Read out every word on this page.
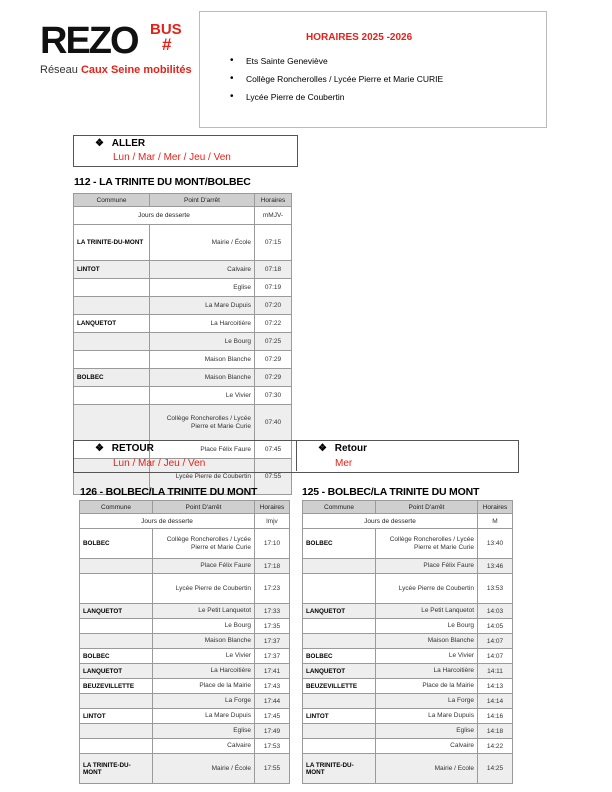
REZO BUS
#
Réseau Caux Seine mobilités
HORAIRES 2025 -2026
• Ets Sainte Geneviève
• Collège Roncherolles / Lycée Pierre et Marie CURIE
• Lycée Pierre de Coubertin
❖ ALLER
Lun / Mar / Mer / Jeu / Ven
112 - LA TRINITE DU MONT/BOLBEC
Commune	Point D'arrêt	Horaires
Jours de desserte		mMJV-
LA TRINITE-DU-MONT	Mairie / École	07:15
LINTOT	Calvaire	07:18
	Eglise	07:19
	La Mare Dupuis	07:20
LANQUETOT	La Harcoitière	07:22
	Le Bourg	07:25
	Maison Blanche	07:29
BOLBEC	Maison Blanche	07:29
	Le Vivier	07:30
	Collège Roncherolles / Lycée Pierre et Marie Curie	07:40
	Place Félix Faure	07:45
	Lycée Pierre de Coubertin	07:55
❖ RETOUR
Lun / Mar / Jeu / Ven
❖ Retour
Mer
126 - BOLBEC/LA TRINITE DU MONT
Commune	Point D'arrêt	Horaires
Jours de desserte		lmjv
BOLBEC	Collège Roncherolles / Lycée Pierre et Marie Curie	17:10
	Place Félix Faure	17:18
	Lycée Pierre de Coubertin	17:23
LANQUETOT	Le Petit Lanquetot	17:33
	Le Bourg	17:35
	Maison Blanche	17:37
BOLBEC	Le Vivier	17:37
LANQUETOT	La Harcoitière	17:41
BEUZEVILLETTE	Place de la Mairie	17:43
	La Forge	17:44
LINTOT	La Mare Dupuis	17:45
	Eglise	17:49
	Calvaire	17:53
LA TRINITE-DU-MONT	Mairie / École	17:55
125 - BOLBEC/LA TRINITE DU MONT
Commune	Point D'arrêt	Horaires
Jours de desserte		M
BOLBEC	Collège Roncherolles / Lycée Pierre et Marie Curie	13:40
	Place Félix Faure	13:46
	Lycée Pierre de Coubertin	13:53
LANQUETOT	Le Petit Lanquetot	14:03
	Le Bourg	14:05
	Maison Blanche	14:07
BOLBEC	Le Vivier	14:07
LANQUETOT	La Harcoitière	14:11
BEUZEVILLETTE	Place de la Mairie	14:13
	La Forge	14:14
LINTOT	La Mare Dupuis	14:16
	Eglise	14:18
	Calvaire	14:22
LA TRINITE-DU-MONT	Mairie / Ecole	14:25
